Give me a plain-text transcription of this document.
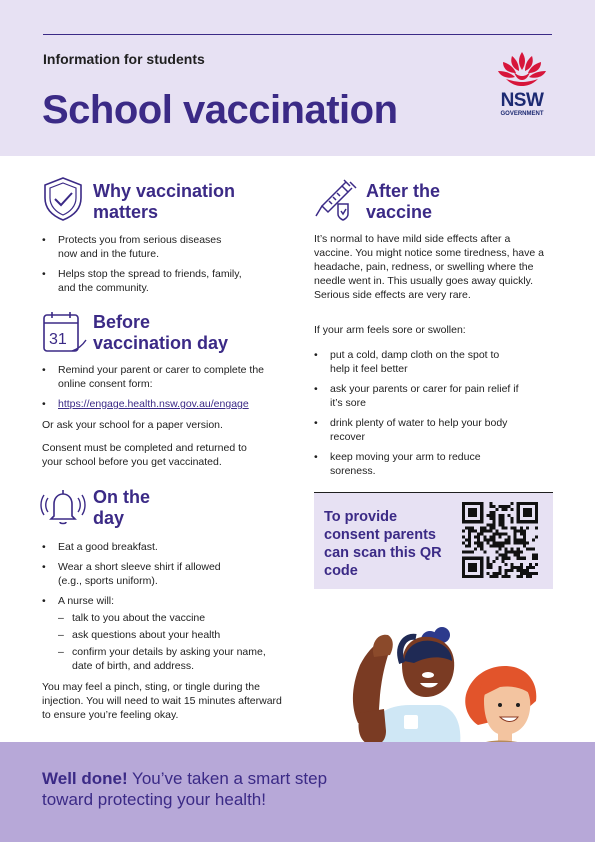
Information for students
School vaccination	NSW
GOVERNMENT
Why vaccination
matters
• Protects you from serious diseases now and in the future.
• Helps stop the spread to friends, family, and the community.
31
Before
vaccination day
• Remind your parent or carer to complete the online consent form:
• https://engage.health.nsw.gov.au/engage
Or ask your school for a paper version.
Consent must be completed and returned to your school before you get vaccinated.
On the
day
• Eat a good breakfast.
• Wear a short sleeve shirt if allowed (e.g., sports uniform).
• A nurse will:
– talk to you about the vaccine
– ask questions about your health
– confirm your details by asking your name, date of birth, and address.
You may feel a pinch, sting, or tingle during the injection. You will need to wait 15 minutes afterward to ensure you’re feeling okay.
After the
vaccine
It’s normal to have mild side effects after a vaccine. You might notice some tiredness, have a headache, pain, redness, or swelling where the needle went in. This usually goes away quickly. Serious side effects are very rare.
If your arm feels sore or swollen:
• put a cold, damp cloth on the spot to help it feel better
• ask your parents or carer for pain relief if it’s sore
• drink plenty of water to help your body recover
• keep moving your arm to reduce soreness.
To provide consent parents can scan this QR code
Well done! You’ve taken a smart step toward protecting your health!
